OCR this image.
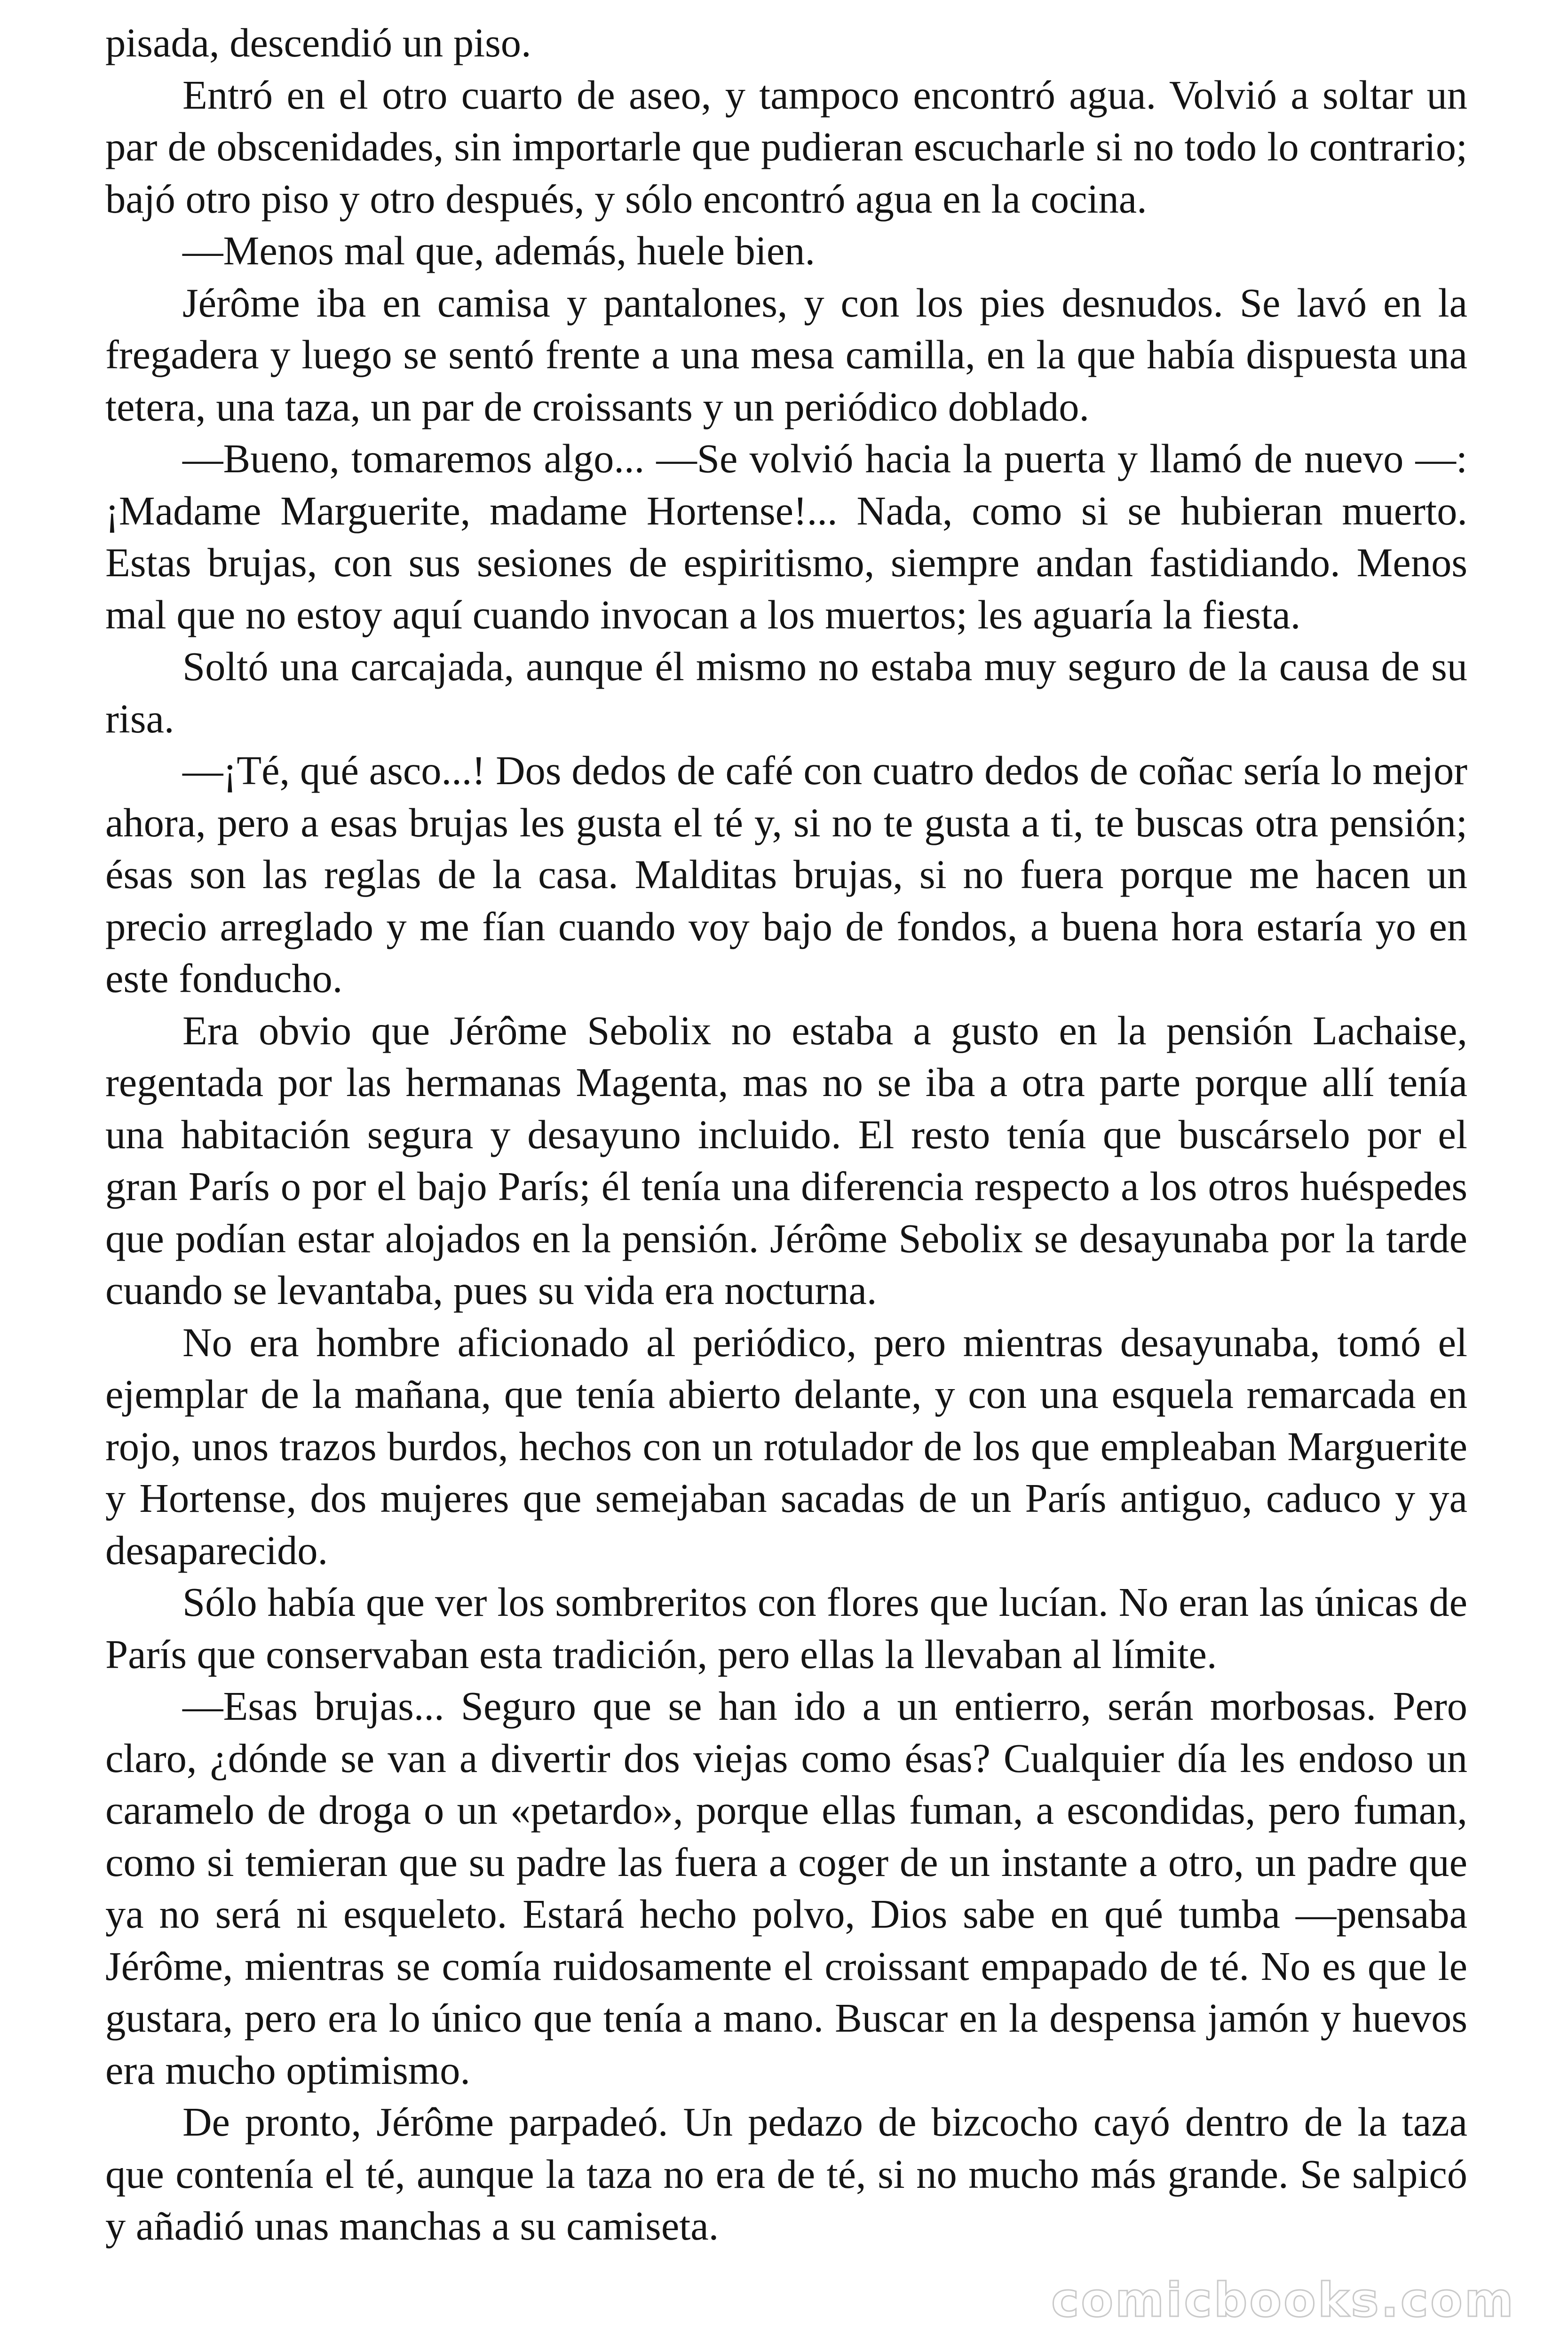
pisada, descendió un piso.

Entró en el otro cuarto de aseo, y tampoco encontró agua. Volvió a soltar un par de obscenidades, sin importarle que pudieran escucharle si no todo lo contrario; bajó otro piso y otro después, y sólo encontró agua en la cocina.

—Menos mal que, además, huele bien.

Jérôme iba en camisa y pantalones, y con los pies desnudos. Se lavó en la fregadera y luego se sentó frente a una mesa camilla, en la que había dispuesta una tetera, una taza, un par de croissants y un periódico doblado.

—Bueno, tomaremos algo... —Se volvió hacia la puerta y llamó de nuevo —: ¡Madame Marguerite, madame Hortense!... Nada, como si se hubieran muerto. Estas brujas, con sus sesiones de espiritismo, siempre andan fastidiando. Menos mal que no estoy aquí cuando invocan a los muertos; les aguaría la fiesta.

Soltó una carcajada, aunque él mismo no estaba muy seguro de la causa de su risa.

—¡Té, qué asco...! Dos dedos de café con cuatro dedos de coñac sería lo mejor ahora, pero a esas brujas les gusta el té y, si no te gusta a ti, te buscas otra pensión; ésas son las reglas de la casa. Malditas brujas, si no fuera porque me hacen un precio arreglado y me fían cuando voy bajo de fondos, a buena hora estaría yo en este fonducho.

Era obvio que Jérôme Sebolix no estaba a gusto en la pensión Lachaise, regentada por las hermanas Magenta, mas no se iba a otra parte porque allí tenía una habitación segura y desayuno incluido. El resto tenía que buscárselo por el gran París o por el bajo París; él tenía una diferencia respecto a los otros huéspedes que podían estar alojados en la pensión. Jérôme Sebolix se desayunaba por la tarde cuando se levantaba, pues su vida era nocturna.

No era hombre aficionado al periódico, pero mientras desayunaba, tomó el ejemplar de la mañana, que tenía abierto delante, y con una esquela remarcada en rojo, unos trazos burdos, hechos con un rotulador de los que empleaban Marguerite y Hortense, dos mujeres que semejaban sacadas de un París antiguo, caduco y ya desaparecido.

Sólo había que ver los sombreritos con flores que lucían. No eran las únicas de París que conservaban esta tradición, pero ellas la llevaban al límite.

—Esas brujas... Seguro que se han ido a un entierro, serán morbosas. Pero claro, ¿dónde se van a divertir dos viejas como ésas? Cualquier día les endoso un caramelo de droga o un «petardo», porque ellas fuman, a escondidas, pero fuman, como si temieran que su padre las fuera a coger de un instante a otro, un padre que ya no será ni esqueleto. Estará hecho polvo, Dios sabe en qué tumba —pensaba Jérôme, mientras se comía ruidosamente el croissant empapado de té. No es que le gustara, pero era lo único que tenía a mano. Buscar en la despensa jamón y huevos era mucho optimismo.

De pronto, Jérôme parpadeó. Un pedazo de bizcocho cayó dentro de la taza que contenía el té, aunque la taza no era de té, si no mucho más grande. Se salpicó y añadió unas manchas a su camiseta.

comicbooks.com
